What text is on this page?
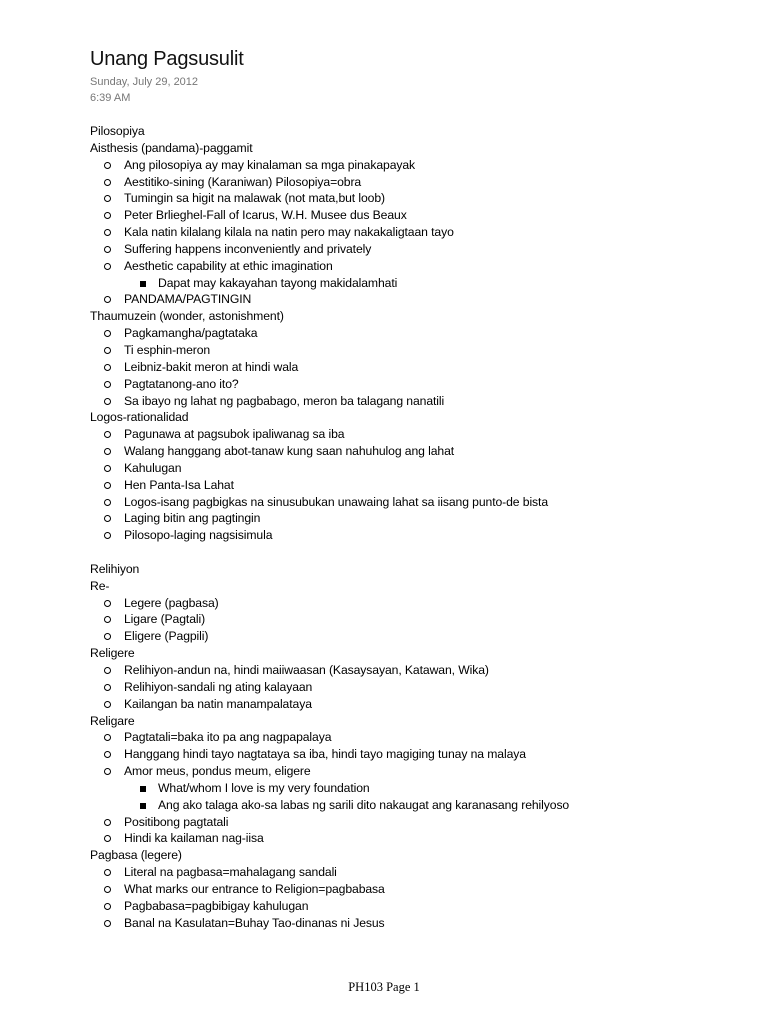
Unang Pagsusulit
Sunday, July 29, 2012
6:39 AM
Pilosopiya
Aisthesis (pandama)-paggamit
Ang pilosopiya ay may kinalaman sa mga pinakapayak
Aestitiko-sining (Karaniwan) Pilosopiya=obra
Tumingin sa higit na malawak (not mata,but loob)
Peter Brlieghel-Fall of Icarus, W.H. Musee dus Beaux
Kala natin kilalang kilala na natin pero may nakakaligtaan tayo
Suffering happens inconveniently and privately
Aesthetic capability at ethic imagination
Dapat may kakayahan tayong makidalamhati
PANDAMA/PAGTINGIN
Thaumuzein (wonder, astonishment)
Pagkamangha/pagtataka
Ti esphin-meron
Leibniz-bakit meron at hindi wala
Pagtatanong-ano ito?
Sa ibayo ng lahat ng pagbabago, meron ba talagang nanatili
Logos-rationalidad
Pagunawa at pagsubok ipaliwanag sa iba
Walang hanggang abot-tanaw kung saan nahuhulog ang lahat
Kahulugan
Hen Panta-Isa Lahat
Logos-isang pagbigkas na sinusubukan unawaing lahat sa iisang punto-de bista
Laging bitin ang pagtingin
Pilosopo-laging nagsisimula
Relihiyon
Re-
Legere (pagbasa)
Ligare (Pagtali)
Eligere (Pagpili)
Religere
Relihiyon-andun na, hindi maiiwaasan (Kasaysayan, Katawan, Wika)
Relihiyon-sandali ng ating kalayaan
Kailangan ba natin manampalataya
Religare
Pagtatali=baka ito pa ang nagpapalaya
Hanggang hindi tayo nagtataya sa iba, hindi tayo magiging tunay na malaya
Amor meus, pondus meum, eligere
What/whom I love is my very foundation
Ang ako talaga ako-sa labas ng sarili dito nakaugat ang karanasang rehilyoso
Positibong pagtatali
Hindi ka kailaman nag-iisa
Pagbasa (legere)
Literal na pagbasa=mahalagang sandali
What marks our entrance to Religion=pagbabasa
Pagbabasa=pagbibigay kahulugan
Banal na Kasulatan=Buhay Tao-dinanas ni Jesus
PH103 Page 1
